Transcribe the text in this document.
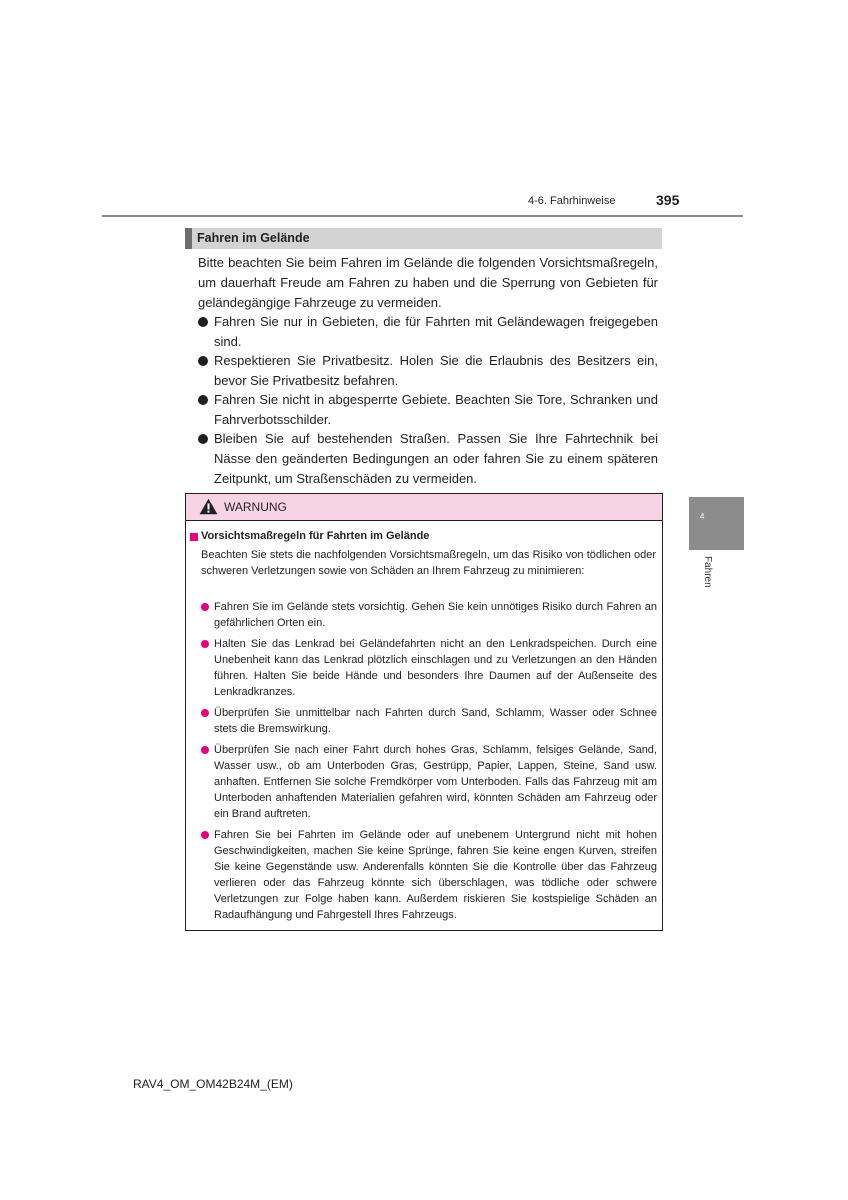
4-6. Fahrhinweise	395
4
Fahren
Fahren im Gelände

Bitte beachten Sie beim Fahren im Gelände die folgenden Vorsichtsmaßregeln, um dauerhaft Freude am Fahren zu haben und die Sperrung von Gebieten für geländegängige Fahrzeuge zu vermeiden.

Fahren Sie nur in Gebieten, die für Fahrten mit Geländewagen freigegeben sind.
Respektieren Sie Privatbesitz. Holen Sie die Erlaubnis des Besitzers ein, bevor Sie Privatbesitz befahren.
Fahren Sie nicht in abgesperrte Gebiete. Beachten Sie Tore, Schranken und Fahrverbotsschilder.
Bleiben Sie auf bestehenden Straßen. Passen Sie Ihre Fahrtechnik bei Nässe den geänderten Bedingungen an oder fahren Sie zu einem späteren Zeitpunkt, um Straßenschäden zu vermeiden.
WARNUNG
Vorsichtsmaßregeln für Fahrten im Gelände

Beachten Sie stets die nachfolgenden Vorsichtsmaßregeln, um das Risiko von tödlichen oder schweren Verletzungen sowie von Schäden an Ihrem Fahrzeug zu minimieren:

Fahren Sie im Gelände stets vorsichtig. Gehen Sie kein unnötiges Risiko durch Fahren an gefährlichen Orten ein.
Halten Sie das Lenkrad bei Geländefahrten nicht an den Lenkradspeichen. Durch eine Unebenheit kann das Lenkrad plötzlich einschlagen und zu Verletzungen an den Händen führen. Halten Sie beide Hände und besonders Ihre Daumen auf der Außenseite des Lenkradkranzes.
Überprüfen Sie unmittelbar nach Fahrten durch Sand, Schlamm, Wasser oder Schnee stets die Bremswirkung.
Überprüfen Sie nach einer Fahrt durch hohes Gras, Schlamm, felsiges Gelände, Sand, Wasser usw., ob am Unterboden Gras, Gestrüpp, Papier, Lappen, Steine, Sand usw. anhaften. Entfernen Sie solche Fremdkörper vom Unterboden. Falls das Fahrzeug mit am Unterboden anhaftenden Materialien gefahren wird, könnten Schäden am Fahrzeug oder ein Brand auftreten.
Fahren Sie bei Fahrten im Gelände oder auf unebenem Untergrund nicht mit hohen Geschwindigkeiten, machen Sie keine Sprünge, fahren Sie keine engen Kurven, streifen Sie keine Gegenstände usw. Anderenfalls könnten Sie die Kontrolle über das Fahrzeug verlieren oder das Fahrzeug könnte sich überschlagen, was tödliche oder schwere Verletzungen zur Folge haben kann. Außerdem riskieren Sie kostspielige Schäden an Radaufhängung und Fahrgestell Ihres Fahrzeugs.
RAV4_OM_OM42B24M_(EM)
